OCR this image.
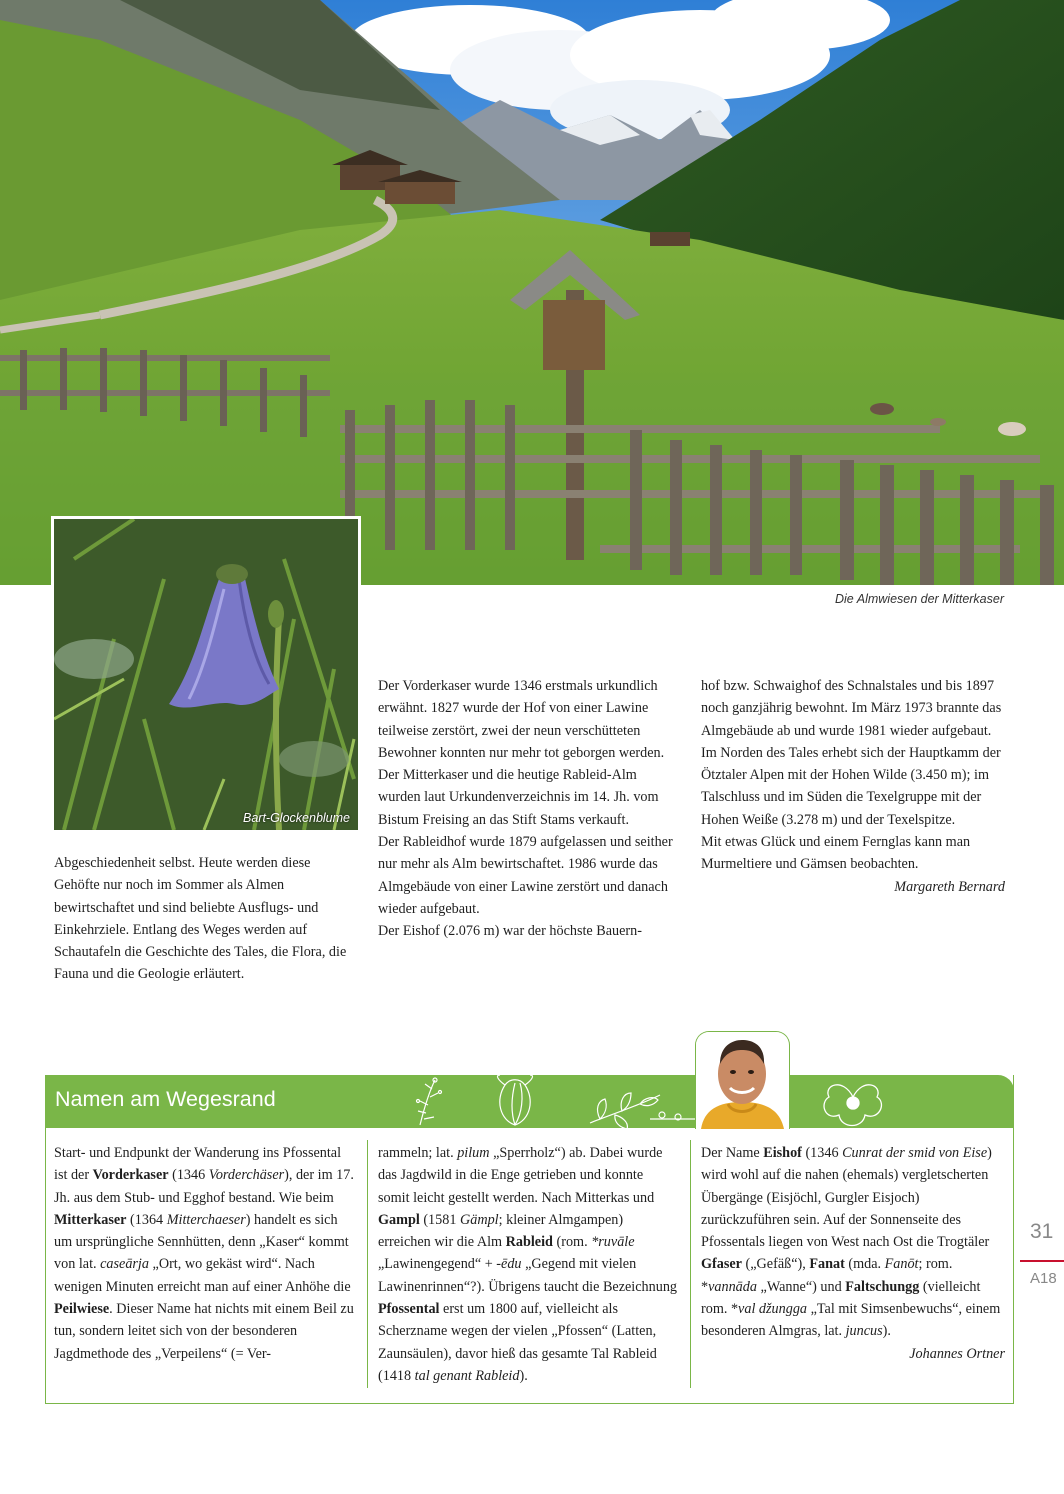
Bart-Glockenblume
Die Almwiesen der Mitterkaser

Abgeschiedenheit selbst. Heute werden diese Gehöfte nur noch im Sommer als Almen bewirtschaftet und sind beliebte Ausflugs- und Einkehrziele. Entlang des Weges werden auf Schautafeln die Geschichte des Tales, die Flora, die Fauna und die Geologie erläutert.

Der Vorderkaser wurde 1346 erstmals urkundlich erwähnt. 1827 wurde der Hof von einer Lawine teilweise zerstört, zwei der neun verschütteten Bewohner konnten nur mehr tot geborgen werden.

Der Mitterkaser und die heutige Rableid-Alm wurden laut Urkundenverzeichnis im 14. Jh. vom Bistum Freising an das Stift Stams verkauft.

Der Rableidhof wurde 1879 aufgelassen und seither nur mehr als Alm bewirtschaftet. 1986 wurde das Almgebäude von einer Lawine zerstört und danach wieder aufgebaut.

Der Eishof (2.076 m) war der höchste Bauern-

hof bzw. Schwaighof des Schnalstales und bis 1897 noch ganzjährig bewohnt. Im März 1973 brannte das Almgebäude ab und wurde 1981 wieder aufgebaut.

Im Norden des Tales erhebt sich der Hauptkamm der Ötztaler Alpen mit der Hohen Wilde (3.450 m); im Talschluss und im Süden die Texelgruppe mit der Hohen Weiße (3.278 m) und der Texelspitze.

Mit etwas Glück und einem Fernglas kann man Murmeltiere und Gämsen beobachten.

Margareth Bernard

Namen am Wegesrand

Start- und Endpunkt der Wanderung ins Pfossental ist der Vorderkaser (1346 Vorderchäser), der im 17. Jh. aus dem Stub- und Egghof bestand. Wie beim Mitterkaser (1364 Mitterchaeser) handelt es sich um ursprüngliche Sennhütten, denn „Kaser“ kommt von lat. caseārja „Ort, wo gekäst wird“. Nach wenigen Minuten erreicht man auf einer Anhöhe die Peilwiese. Dieser Name hat nichts mit einem Beil zu tun, sondern leitet sich von der besonderen Jagdmethode des „Verpeilens“ (= Ver-

rammeln; lat. pilum „Sperrholz“) ab. Dabei wurde das Jagdwild in die Enge getrieben und konnte somit leicht gestellt werden. Nach Mitterkas und Gampl (1581 Gämpl; kleiner Almgampen) erreichen wir die Alm Rableid (rom. *ruvāle „Lawinengegend“ + -ēdu „Gegend mit vielen Lawinenrinnen“?). Übrigens taucht die Bezeichnung Pfossental erst um 1800 auf, vielleicht als Scherzname wegen der vielen „Pfossen“ (Latten, Zaunsäulen), davor hieß das gesamte Tal Rableid (1418 tal genant Rableid).

Der Name Eishof (1346 Cunrat der smid von Eise) wird wohl auf die nahen (ehemals) vergletscherten Übergänge (Eisjöchl, Gurgler Eisjoch) zurückzuführen sein. Auf der Sonnenseite des Pfossentals liegen von West nach Ost die Trogtäler Gfaser („Gefäß“), Fanat (mda. Fanōt; rom. *vannāda „Wanne“) und Faltschungg (vielleicht rom. *val džungga „Tal mit Simsenbewuchs“, einem besonderen Almgras, lat. juncus).

Johannes Ortner

31
A18
